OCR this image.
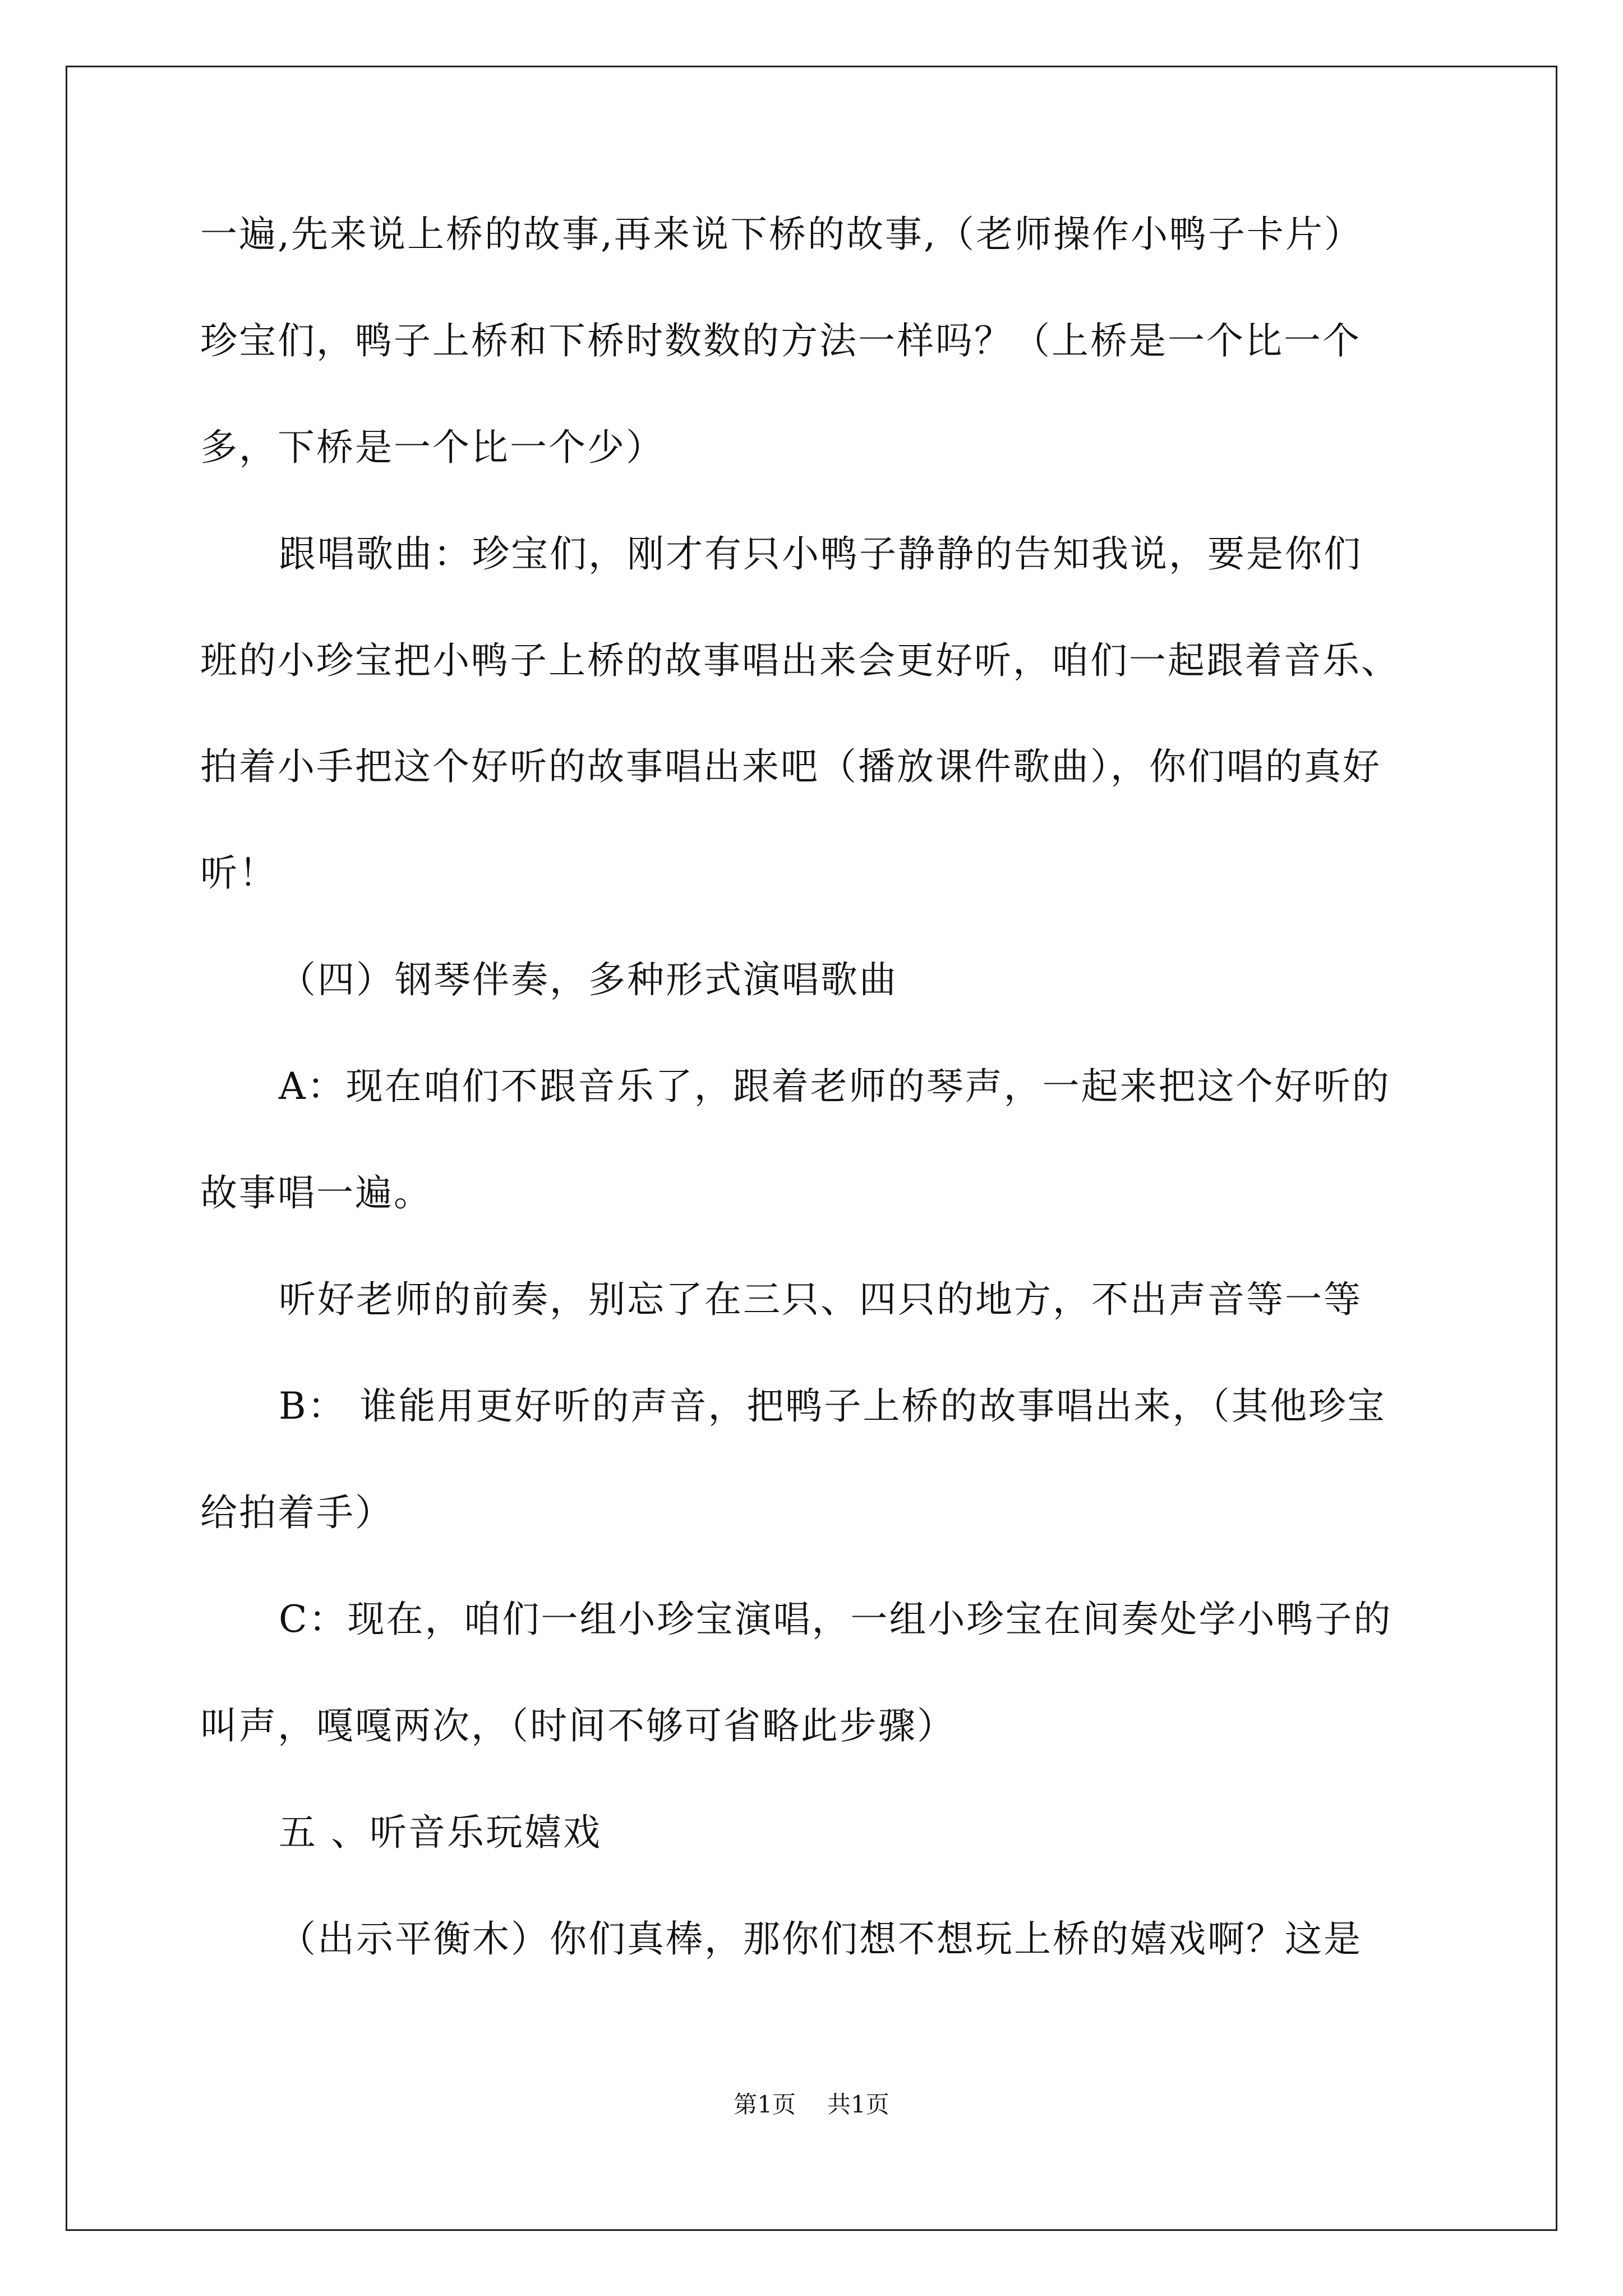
一遍,先来说上桥的故事,再来说下桥的故事,（老师操作小鸭子卡片）
珍宝们，鸭子上桥和下桥时数数的方法一样吗？（上桥是一个比一个
多，下桥是一个比一个少）
跟唱歌曲：珍宝们，刚才有只小鸭子静静的告知我说，要是你们
班的小珍宝把小鸭子上桥的故事唱出来会更好听，咱们一起跟着音乐、
拍着小手把这个好听的故事唱出来吧（播放课件歌曲），你们唱的真好
听！
（四）钢琴伴奏，多种形式演唱歌曲
A：现在咱们不跟音乐了，跟着老师的琴声，一起来把这个好听的
故事唱一遍。
听好老师的前奏，别忘了在三只、四只的地方，不出声音等一等
B： 谁能用更好听的声音，把鸭子上桥的故事唱出来，（其他珍宝
给拍着手）
C：现在，咱们一组小珍宝演唱，一组小珍宝在间奏处学小鸭子的
叫声，嘎嘎两次，（时间不够可省略此步骤）
五 、听音乐玩嬉戏
（出示平衡木）你们真棒，那你们想不想玩上桥的嬉戏啊？这是
第1页 共1页
